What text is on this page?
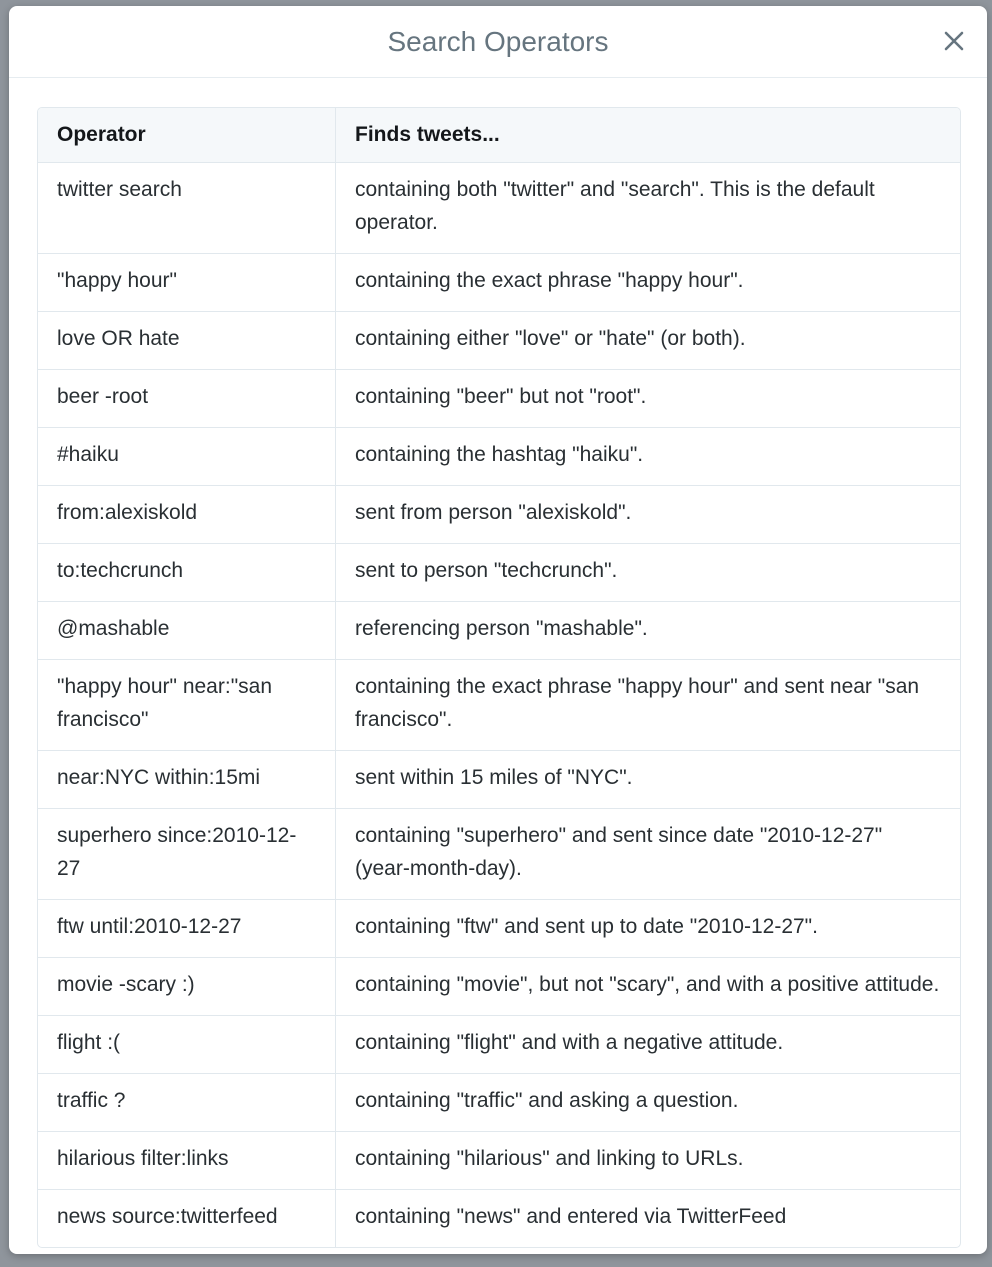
Search Operators
Operator	Finds tweets...

twitter search	containing both "twitter" and "search". This is the default operator.

"happy hour"	containing the exact phrase "happy hour".

love OR hate	containing either "love" or "hate" (or both).

beer -root	containing "beer" but not "root".

#haiku	containing the hashtag "haiku".

from:alexiskold	sent from person "alexiskold".

to:techcrunch	sent to person "techcrunch".

@mashable	referencing person "mashable".

"happy hour" near:"san francisco"	containing the exact phrase "happy hour" and sent near "san francisco".

near:NYC within:15mi	sent within 15 miles of "NYC".

superhero since:2010-12-27	containing "superhero" and sent since date "2010-12-27" (year-month-day).

ftw until:2010-12-27	containing "ftw" and sent up to date "2010-12-27".

movie -scary :)	containing "movie", but not "scary", and with a positive attitude.

flight :(	containing "flight" and with a negative attitude.

traffic ?	containing "traffic" and asking a question.

hilarious filter:links	containing "hilarious" and linking to URLs.

news source:twitterfeed	containing "news" and entered via TwitterFeed
